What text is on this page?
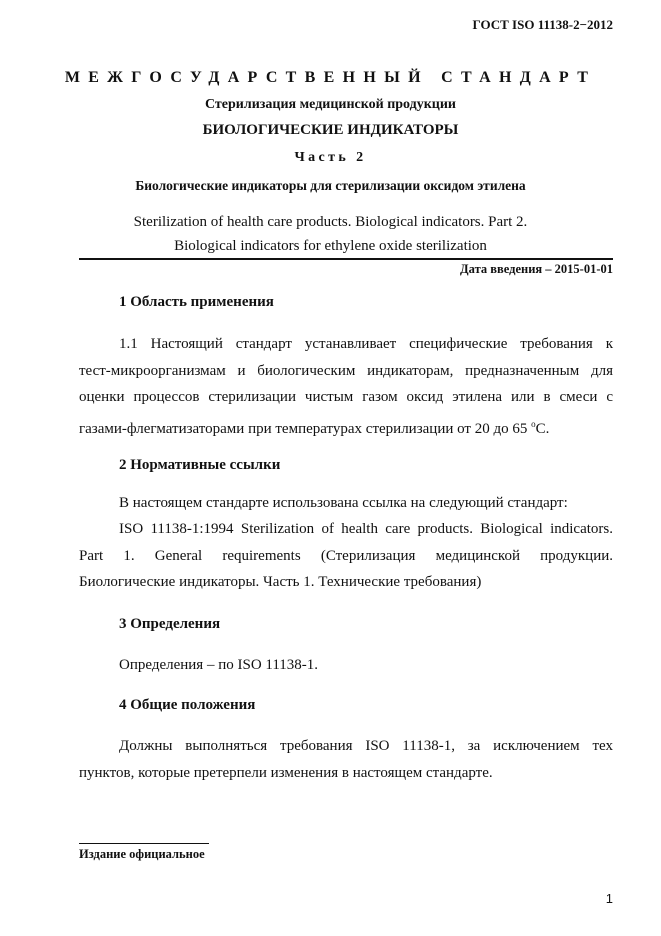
ГОСТ ISO 11138-2−2012
МЕЖГОСУДАРСТВЕННЫЙ СТАНДАРТ
Стерилизация медицинской продукции
БИОЛОГИЧЕСКИЕ ИНДИКАТОРЫ
Часть 2
Биологические индикаторы для стерилизации оксидом этилена
Sterilization of health care products. Biological indicators. Part 2.
Biological indicators for ethylene oxide sterilization
Дата введения – 2015-01-01
1 Область применения
1.1 Настоящий стандарт устанавливает специфические требования к
тест-микроорганизмам и биологическим индикаторам, предназначенным для
оценки процессов стерилизации чистым газом оксид этилена или в смеси с
газами-флегматизаторами при температурах стерилизации от 20 до 65 $^o$С.
2 Нормативные ссылки
В настоящем стандарте использована ссылка на следующий стандарт:
ISO 11138-1:1994 Sterilization of health care products. Biological indicators.
Part 1. General requirements (Стерилизация медицинской продукции.
Биологические индикаторы. Часть 1. Технические требования)
3 Определения
Определения – по ISO 11138-1.
4 Общие положения
Должны выполняться требования ISO 11138-1, за исключением тех
пунктов, которые претерпели изменения в настоящем стандарте.
Издание официальное
1
